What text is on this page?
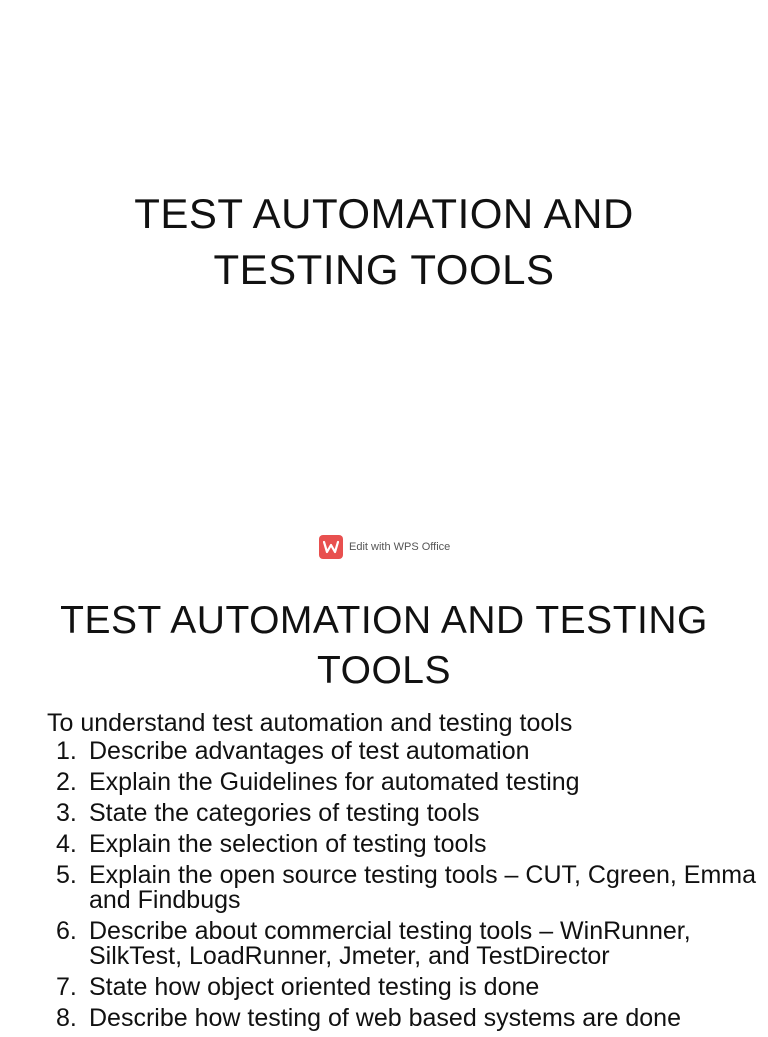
TEST AUTOMATION AND
TESTING TOOLS
Edit with WPS Office
TEST AUTOMATION AND TESTING
TOOLS
To understand test automation and testing tools
1. Describe advantages of test automation
2. Explain the Guidelines for automated testing
3. State the categories of testing tools
4. Explain the selection of testing tools
5. Explain the open source testing tools – CUT, Cgreen, Emma and Findbugs
6. Describe about commercial testing tools – WinRunner, SilkTest, LoadRunner, Jmeter, and TestDirector
7. State how object oriented testing is done
8. Describe how testing of web based systems are done
